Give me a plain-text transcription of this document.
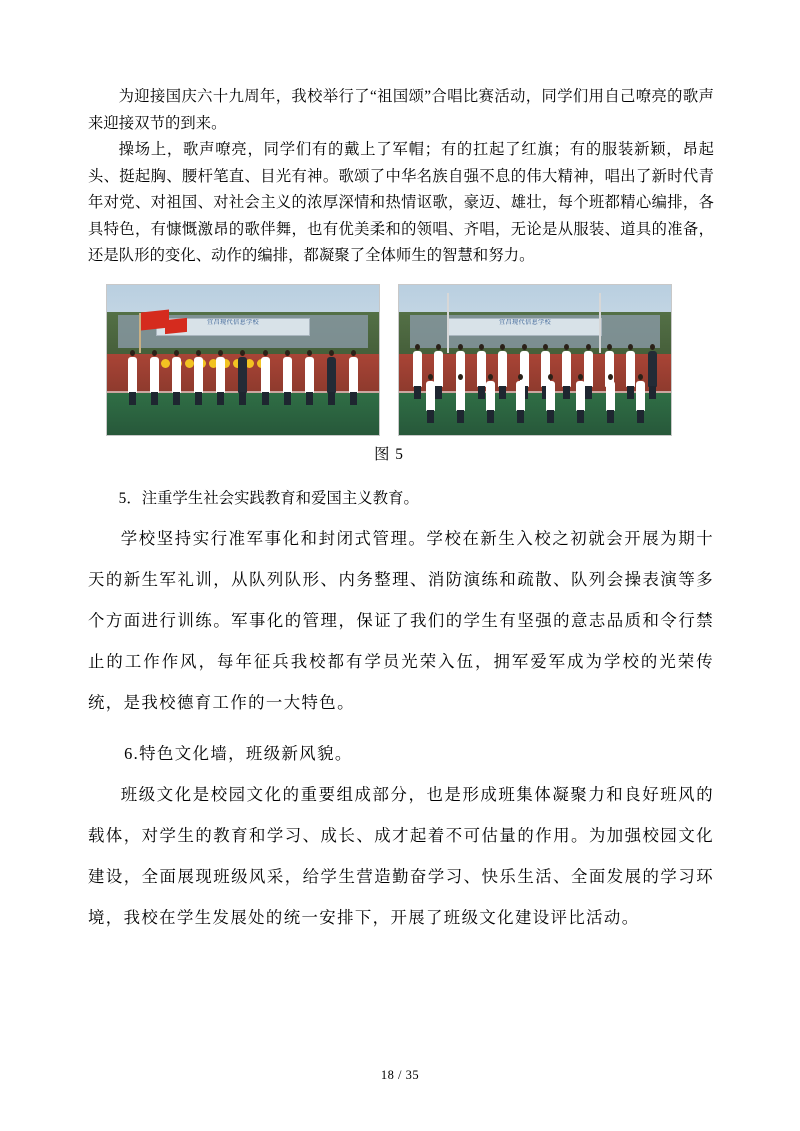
为迎接国庆六十九周年，我校举行了“祖国颂”合唱比赛活动，同学们用自己嘹亮的歌声来迎接双节的到来。

操场上，歌声嘹亮，同学们有的戴上了军帽；有的扛起了红旗；有的服装新颖，昂起头、挺起胸、腰杆笔直、目光有神。歌颂了中华名族自强不息的伟大精神，唱出了新时代青年对党、对祖国、对社会主义的浓厚深情和热情讴歌，豪迈、雄壮，每个班都精心编排，各具特色，有慷慨激昂的歌伴舞，也有优美柔和的领唱、齐唱，无论是从服装、道具的准备，还是队形的变化、动作的编排，都凝聚了全体师生的智慧和努力。

宜昌现代信息学校	宜昌现代信息学校
图 5

5．注重学生社会实践教育和爱国主义教育。

学校坚持实行准军事化和封闭式管理。学校在新生入校之初就会开展为期十天的新生军礼训，从队列队形、内务整理、消防演练和疏散、队列会操表演等多个方面进行训练。军事化的管理，保证了我们的学生有坚强的意志品质和令行禁止的工作作风，每年征兵我校都有学员光荣入伍，拥军爱军成为学校的光荣传统，是我校德育工作的一大特色。

6.特色文化墙，班级新风貌。

班级文化是校园文化的重要组成部分，也是形成班集体凝聚力和良好班风的载体，对学生的教育和学习、成长、成才起着不可估量的作用。为加强校园文化建设，全面展现班级风采，给学生营造勤奋学习、快乐生活、全面发展的学习环境，我校在学生发展处的统一安排下，开展了班级文化建设评比活动。

18 / 35
